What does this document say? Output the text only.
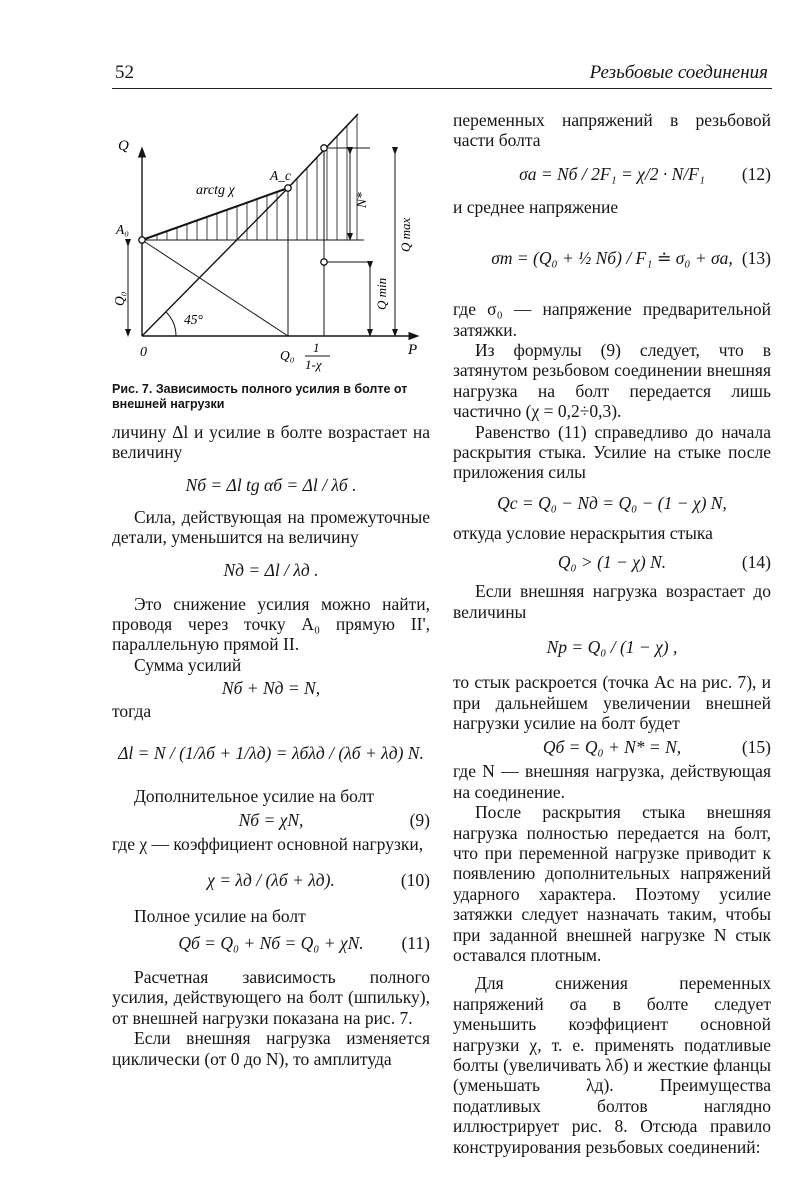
52	Резьбовые соединения
Q
P
0
A₀
A_c
arctg χ
45°
Q₀
N*
Q min
Q max
Q₀
1
1-χ
Рис. 7. Зависимость полного усилия в болте от внешней нагрузки

личину Δl и усилие в болте возрастает на величину

Nб = Δl tg αб = Δl / λб .

Сила, действующая на промежуточные детали, уменьшится на величину

Nд = Δl / λд .

Это снижение усилия можно найти, проводя через точку A₀ прямую II', параллельную прямой II.

Сумма усилий

Nб + Nд = N,

тогда

Δl = N / (1/λб + 1/λд) = λбλд / (λб + λд) N.

Дополнительное усилие на болт

Nб = χN,	(9)

где χ — коэффициент основной нагрузки,

χ = λд / (λб + λд).	(10)

Полное усилие на болт

Qб = Q₀ + Nб = Q₀ + χN. (11)

Расчетная зависимость полного усилия, действующего на болт (шпильку), от внешней нагрузки показана на рис. 7.

Если внешняя нагрузка изменяется циклически (от 0 до N), то амплитуда

переменных напряжений в резьбовой части болта

σa = Nб / 2F₁ = χ/2 · N/F₁ (12)

и среднее напряжение

σm = (Q₀ + ½ Nб) / F₁ ≐ σ₀ + σa, (13)

где σ₀ — напряжение предварительной затяжки.

Из формулы (9) следует, что в затянутом резьбовом соединении внешняя нагрузка на болт передается лишь частично (χ = 0,2÷0,3).

Равенство (11) справедливо до начала раскрытия стыка. Усилие на стыке после приложения силы

Qc = Q₀ − Nд = Q₀ − (1 − χ) N,

откуда условие нераскрытия стыка

Q₀ > (1 − χ) N.	(14)

Если внешняя нагрузка возрастает до величины

Nр = Q₀ / (1 − χ) ,

то стык раскроется (точка Ac на рис. 7), и при дальнейшем увеличении внешней нагрузки усилие на болт будет

Qб = Q₀ + N* = N,	(15)

где N — внешняя нагрузка, действующая на соединение.

После раскрытия стыка внешняя нагрузка полностью передается на болт, что при переменной нагрузке приводит к появлению дополнительных напряжений ударного характера. Поэтому усилие затяжки следует назначать таким, чтобы при заданной внешней нагрузке N стык оставался плотным.

Для снижения переменных напряжений σa в болте следует уменьшить коэффициент основной нагрузки χ, т. е. применять податливые болты (увеличивать λб) и жесткие фланцы (уменьшать λд). Преимущества податливых болтов наглядно иллюстрирует рис. 8. Отсюда правило конструирования резьбовых соединений:
